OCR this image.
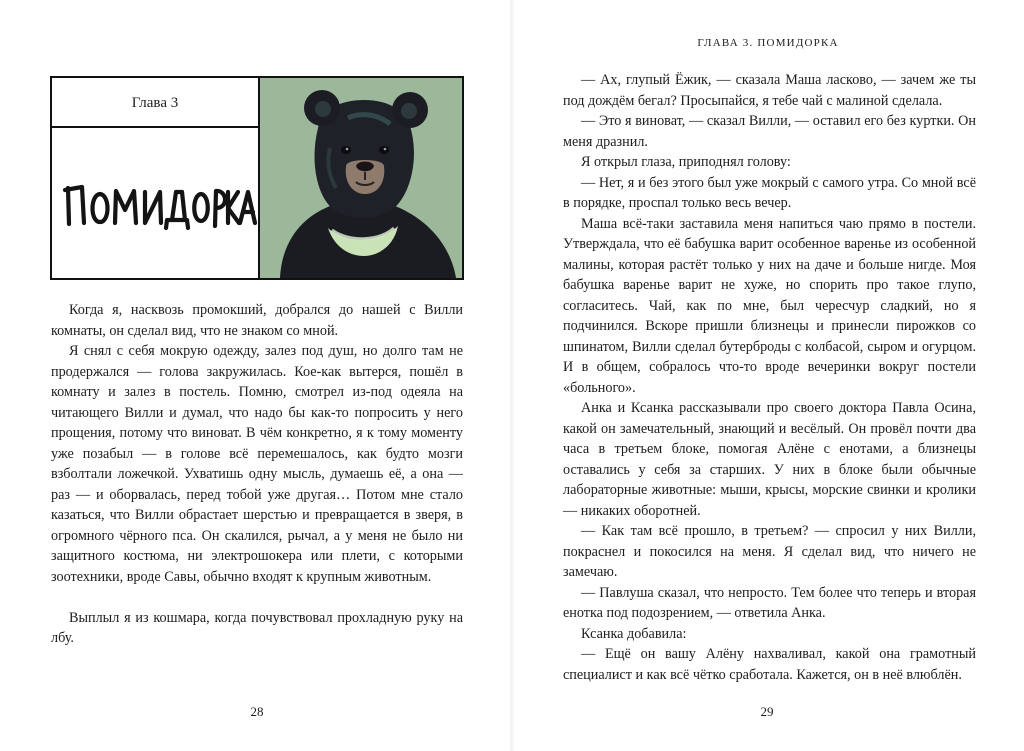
Глава 3

Когда я, насквозь промокший, добрался до нашей с Вилли комнаты, он сделал вид, что не знаком со мной.

Я снял с себя мокрую одежду, залез под душ, но долго там не продержался — голова закружилась. Кое-как вытерся, пошёл в комнату и залез в постель. Помню, смотрел из-под одеяла на читающего Вилли и думал, что надо бы как-то попросить у него прощения, потому что виноват. В чём конкретно, я к тому моменту уже позабыл — в голове всё перемешалось, как будто мозги взболтали ложечкой. Ухватишь одну мысль, думаешь её, а она — раз — и оборвалась, перед тобой уже другая… Потом мне стало казаться, что Вилли обрастает шерстью и превращается в зверя, в огромного чёрного пса. Он скалился, рычал, а у меня не было ни защитного костюма, ни электрошокера или плети, с которыми зоотехники, вроде Савы, обычно входят к крупным животным.

Выплыл я из кошмара, когда почувствовал прохладную руку на лбу.

28
ГЛАВА 3. ПОМИДОРКА

— Ах, глупый Ёжик, — сказала Маша ласково, — зачем же ты под дождём бегал? Просыпайся, я тебе чай с малиной сделала.

— Это я виноват, — сказал Вилли, — оставил его без куртки. Он меня дразнил.

Я открыл глаза, приподнял голову:

— Нет, я и без этого был уже мокрый с самого утра. Со мной всё в порядке, проспал только весь вечер.

Маша всё-таки заставила меня напиться чаю прямо в постели. Утверждала, что её бабушка варит особенное варенье из особенной малины, которая растёт только у них на даче и больше нигде. Моя бабушка варенье варит не хуже, но спорить про такое глупо, согласитесь. Чай, как по мне, был чересчур сладкий, но я подчинился. Вскоре пришли близнецы и принесли пирожков со шпинатом, Вилли сделал бутерброды с колбасой, сыром и огурцом. И в общем, собралось что-то вроде вечеринки вокруг постели «больного».

Анка и Ксанка рассказывали про своего доктора Павла Осина, какой он замечательный, знающий и весёлый. Он провёл почти два часа в третьем блоке, помогая Алёне с енотами, а близнецы оставались у себя за старших. У них в блоке были обычные лабораторные животные: мыши, крысы, морские свинки и кролики — никаких оборотней.

— Как там всё прошло, в третьем? — спросил у них Вилли, покраснел и покосился на меня. Я сделал вид, что ничего не замечаю.

— Павлуша сказал, что непросто. Тем более что теперь и вторая енотка под подозрением, — ответила Анка.

Ксанка добавила:

— Ещё он вашу Алёну нахваливал, какой она грамотный специалист и как всё чётко сработала. Кажется, он в неё влюблён.

29
